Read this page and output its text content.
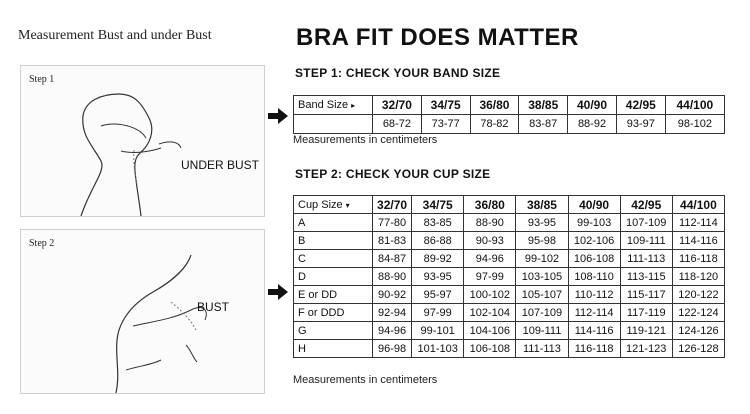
Measurement Bust and under Bust
Step 1
UNDER BUST
Step 2
BUST
BRA FIT DOES MATTER
STEP 1: CHECK YOUR BAND SIZE
Band Size ▸	32/70	34/75	36/80	38/85	40/90	42/95	44/100
	68-72	73-77	78-82	83-87	88-92	93-97	98-102
Measurements in centimeters
STEP 2: CHECK YOUR CUP SIZE
Cup Size ▾	32/70	34/75	36/80	38/85	40/90	42/95	44/100
A	77-80	83-85	88-90	93-95	99-103	107-109	112-114
B	81-83	86-88	90-93	95-98	102-106	109-111	114-116
C	84-87	89-92	94-96	99-102	106-108	111-113	116-118
D	88-90	93-95	97-99	103-105	108-110	113-115	118-120
E or DD	90-92	95-97	100-102	105-107	110-112	115-117	120-122
F or DDD	92-94	97-99	102-104	107-109	112-114	117-119	122-124
G	94-96	99-101	104-106	109-111	114-116	119-121	124-126
H	96-98	101-103	106-108	111-113	116-118	121-123	126-128
Measurements in centimeters
